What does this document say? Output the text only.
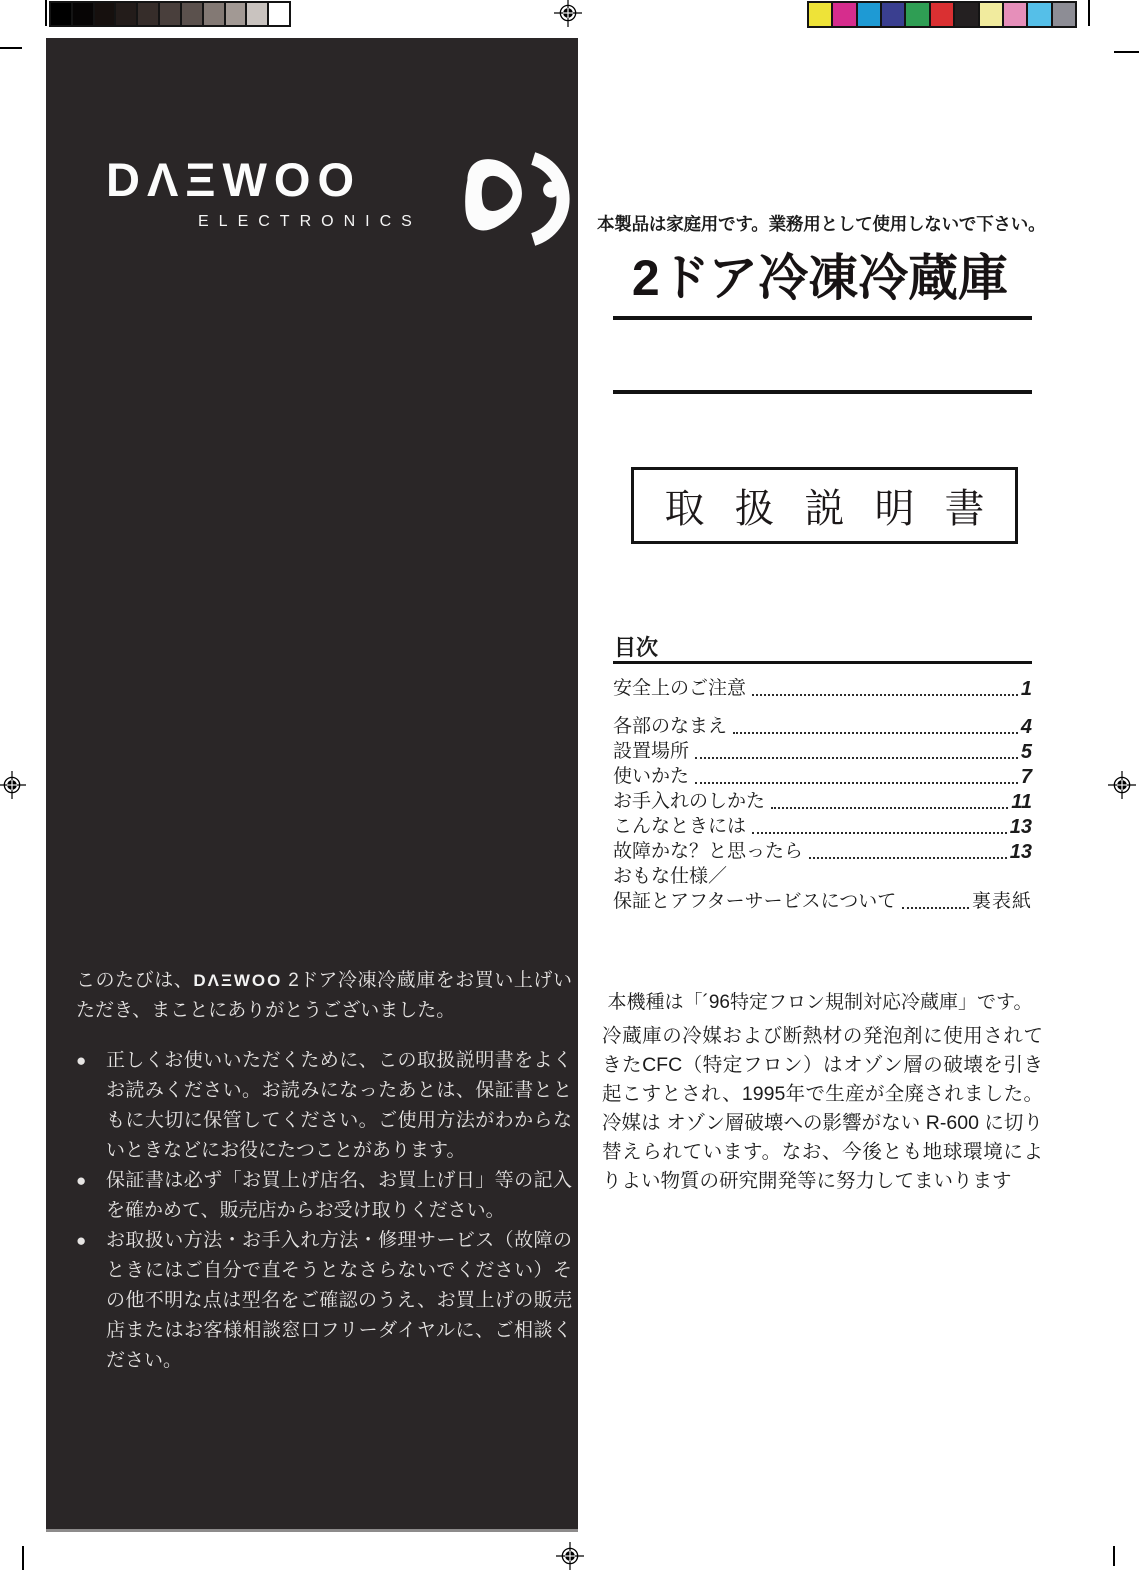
DΛΞWOO
ELECTRONICS

このたびは、DΛΞWOO 2ドア冷凍冷蔵庫をお買い上げいただき、まことにありがとうございました。

● 正しくお使いいただくために、この取扱説明書をよくお読みください。お読みになったあとは、保証書とともに大切に保管してください。ご使用方法がわからないときなどにお役にたつことがあります。

● 保証書は必ず「お買上げ店名、お買上げ日」等の記入を確かめて、販売店からお受け取りください。

● お取扱い方法・お手入れ方法・修理サービス（故障のときにはご自分で直そうとなさらないでください）その他不明な点は型名をご確認のうえ、お買上げの販売店またはお客様相談窓口フリーダイヤルに、ご相談ください。

本製品は家庭用です。業務用として使用しないで下さい。
2ドア冷凍冷蔵庫
取扱説明書
目次
安全上のご注意	1
各部のなまえ	4
設置場所	5
使いかた	7
お手入れのしかた	11
こんなときには	13
故障かな？と思ったら	13
おもな仕様／
保証とアフターサービスについて	裏表紙
本機種は「´96特定フロン規制対応冷蔵庫」です。
冷蔵庫の冷媒および断熱材の発泡剤に使用されてきたCFC（特定フロン）はオゾン層の破壊を引き起こすとされ、1995年で生産が全廃されました。冷媒は オゾン層破壊への影響がない R-600 に切り替えられています。なお、今後とも地球環境によりよい物質の研究開発等に努力してまいります
